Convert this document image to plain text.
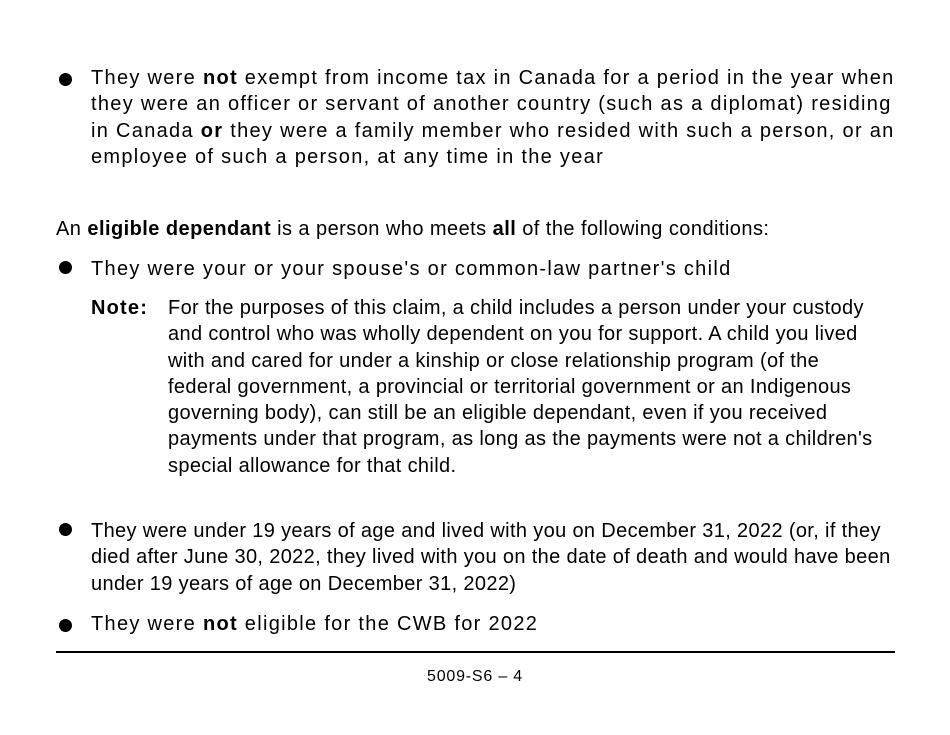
They were not exempt from income tax in Canada for a period in the year when they were an officer or servant of another country (such as a diplomat) residing in Canada or they were a family member who resided with such a person, or an employee of such a person, at any time in the year

An eligible dependant is a person who meets all of the following conditions:

They were your or your spouse's or common-law partner's child

Note: For the purposes of this claim, a child includes a person under your custody and control who was wholly dependent on you for support. A child you lived with and cared for under a kinship or close relationship program (of the federal government, a provincial or territorial government or an Indigenous governing body), can still be an eligible dependant, even if you received payments under that program, as long as the payments were not a children's special allowance for that child.

They were under 19 years of age and lived with you on December 31, 2022 (or, if they died after June 30, 2022, they lived with you on the date of death and would have been under 19 years of age on December 31, 2022)

They were not eligible for the CWB for 2022

5009-S6 – 4
